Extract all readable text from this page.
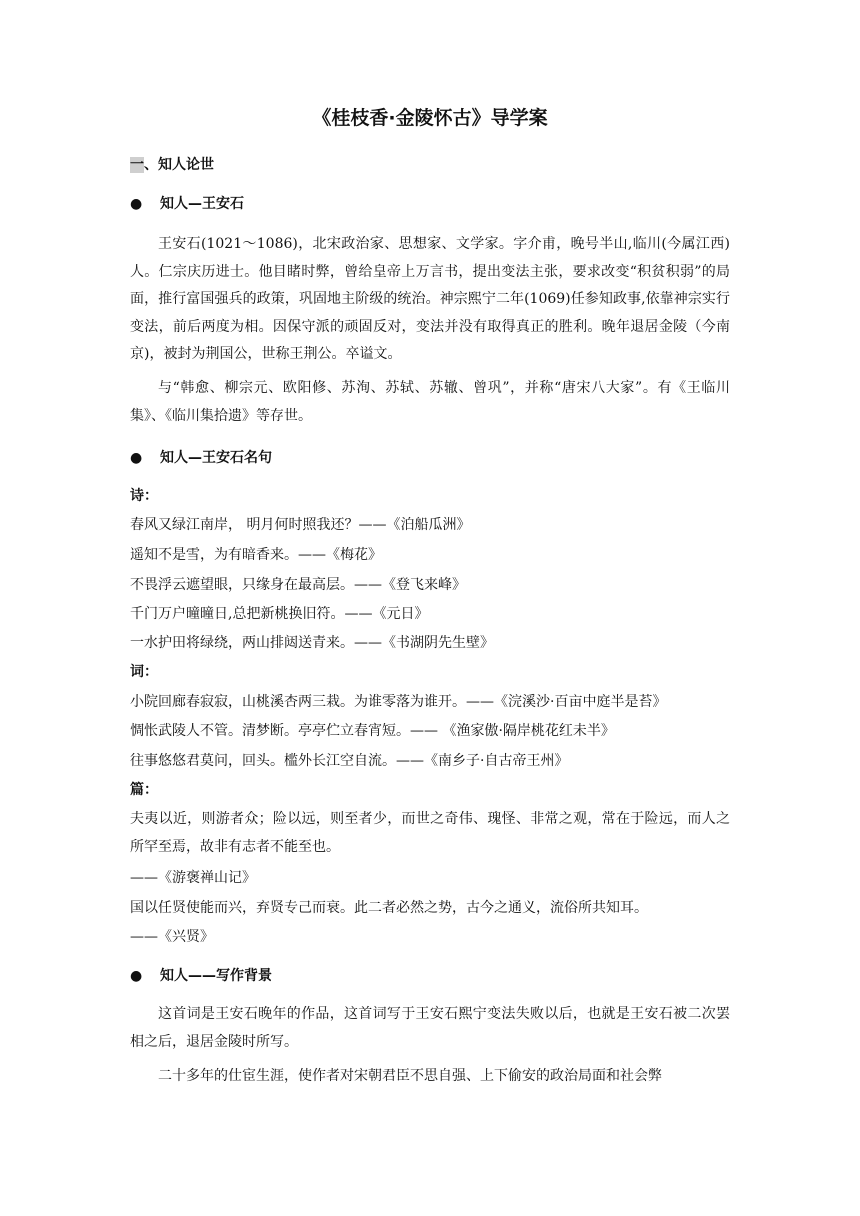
《桂枝香·金陵怀古》导学案
一、知人论世
● 知人—王安石
王安石(1021～1086)，北宋政治家、思想家、文学家。字介甫，晚号半山,临川(今属江西)人。仁宗庆历进士。他目睹时弊，曾给皇帝上万言书，提出变法主张，要求改变“积贫积弱”的局面，推行富国强兵的政策，巩固地主阶级的统治。神宗熙宁二年(1069)任参知政事,依靠神宗实行变法，前后两度为相。因保守派的顽固反对，变法并没有取得真正的胜利。晚年退居金陵（今南京)，被封为荆国公，世称王荆公。卒谥文。
与“韩愈、柳宗元、欧阳修、苏洵、苏轼、苏辙、曾巩”，并称“唐宋八大家”。有《王临川集》、《临川集拾遗》等存世。
● 知人—王安石名句
诗：
春风又绿江南岸， 明月何时照我还？——《泊船瓜洲》
遥知不是雪，为有暗香来。——《梅花》
不畏浮云遮望眼，只缘身在最高层。——《登飞来峰》
千门万户曈曈日,总把新桃换旧符。——《元日》
一水护田将绿绕，两山排闼送青来。——《书湖阴先生壁》
词：
小院回廊春寂寂，山桃溪杏两三栽。为谁零落为谁开。——《浣溪沙·百亩中庭半是苔》
惆怅武陵人不管。清梦断。亭亭伫立春宵短。—— 《渔家傲·隔岸桃花红未半》
往事悠悠君莫问，回头。槛外长江空自流。——《南乡子·自古帝王州》
篇：
夫夷以近，则游者众；险以远，则至者少，而世之奇伟、瑰怪、非常之观，常在于险远，而人之所罕至焉，故非有志者不能至也。
——《游褒禅山记》
国以任贤使能而兴，弃贤专己而衰。此二者必然之势，古今之通义，流俗所共知耳。
——《兴贤》
● 知人——写作背景
这首词是王安石晚年的作品，这首词写于王安石熙宁变法失败以后，也就是王安石被二次罢相之后，退居金陵时所写。
二十多年的仕宦生涯，使作者对宋朝君臣不思自强、上下偷安的政治局面和社会弊
